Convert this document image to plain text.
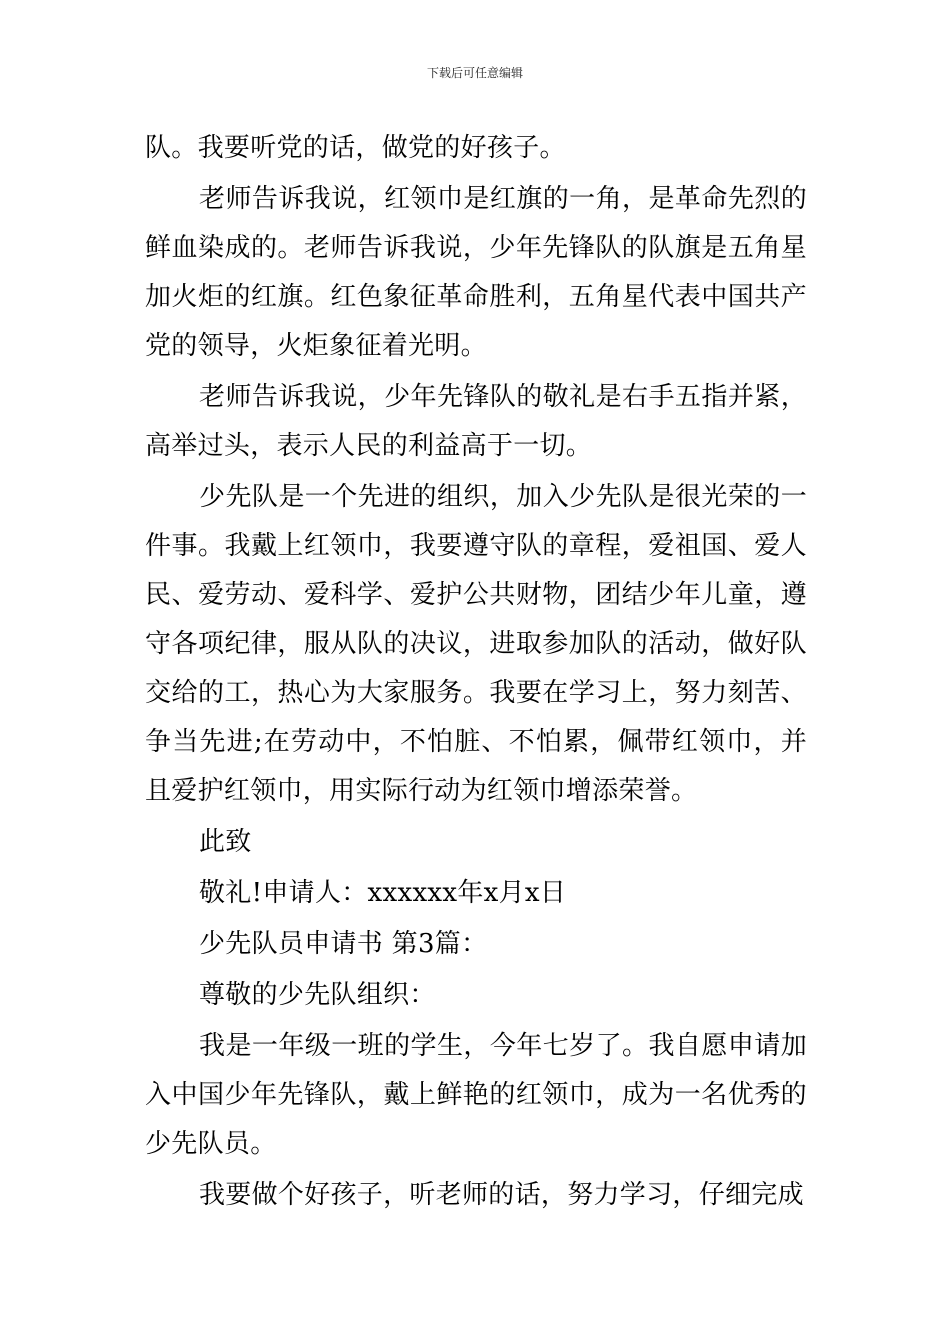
下载后可任意编辑

队。我要听党的话，做党的好孩子。

老师告诉我说，红领巾是红旗的一角，是革命先烈的鲜血染成的。老师告诉我说，少年先锋队的队旗是五角星加火炬的红旗。红色象征革命胜利，五角星代表中国共产党的领导，火炬象征着光明。

老师告诉我说，少年先锋队的敬礼是右手五指并紧，高举过头，表示人民的利益高于一切。

少先队是一个先进的组织，加入少先队是很光荣的一件事。我戴上红领巾，我要遵守队的章程，爱祖国、爱人民、爱劳动、爱科学、爱护公共财物，团结少年儿童，遵守各项纪律，服从队的决议，进取参加队的活动，做好队交给的工，热心为大家服务。我要在学习上，努力刻苦、争当先进;在劳动中，不怕脏、不怕累，佩带红领巾，并且爱护红领巾，用实际行动为红领巾增添荣誉。

此致

敬礼!申请人：xxxxxx年x月x日

少先队员申请书 第3篇：

尊敬的少先队组织：

我是一年级一班的学生，今年七岁了。我自愿申请加入中国少年先锋队，戴上鲜艳的红领巾，成为一名优秀的少先队员。

我要做个好孩子，听老师的话，努力学习，仔细完成
